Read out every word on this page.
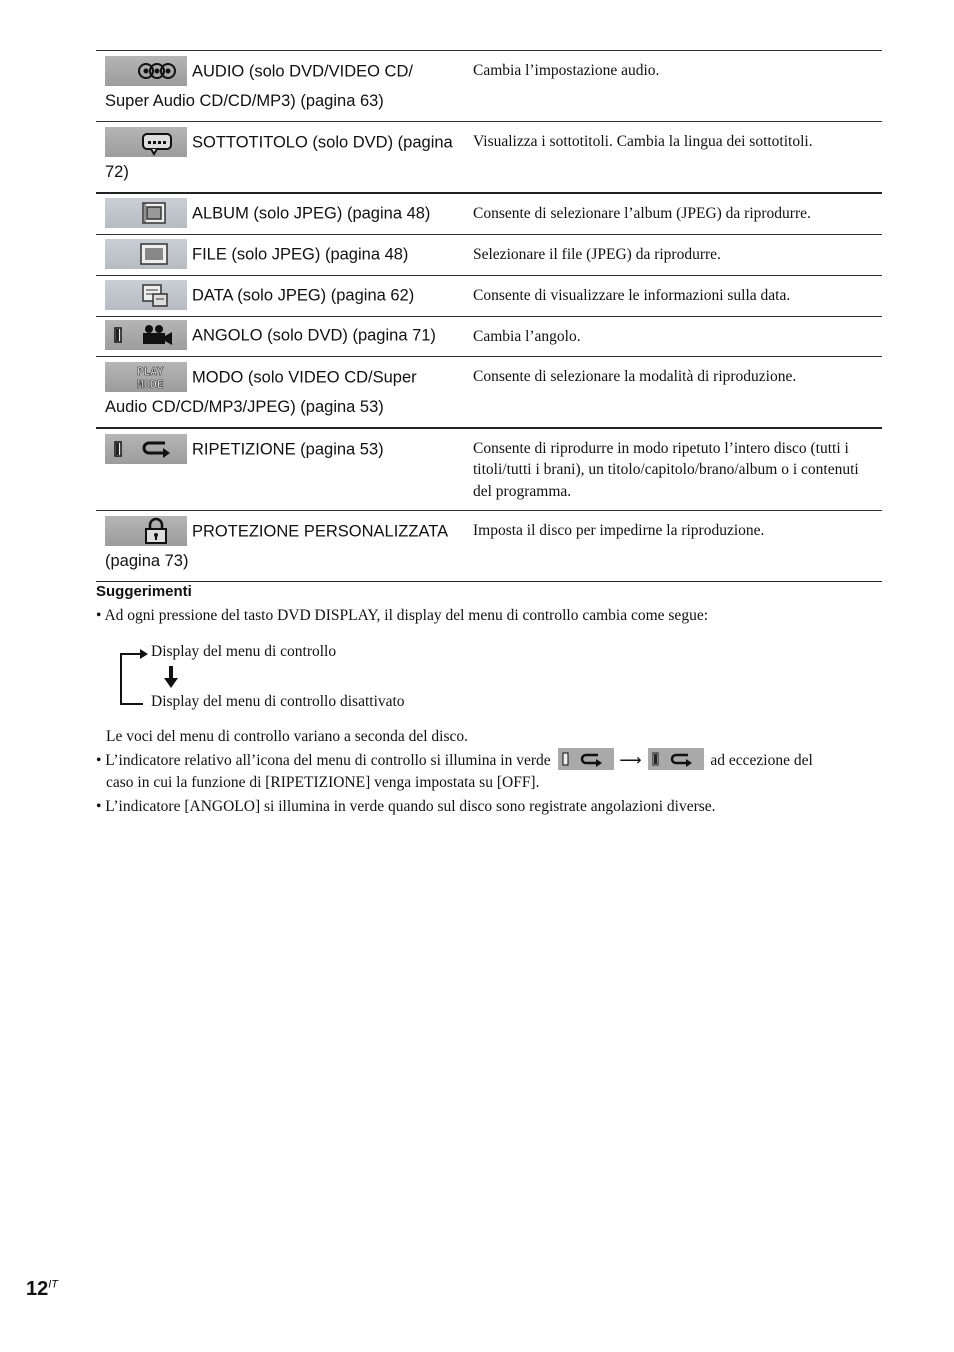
AUDIO (solo DVD/VIDEO CD/ Super Audio CD/CD/MP3) (pagina 63)	Cambia l’impostazione audio.

SOTTOTITOLO (solo DVD) (pagina 72)	Visualizza i sottotitoli. Cambia la lingua dei sottotitoli.

ALBUM (solo JPEG) (pagina 48)	Consente di selezionare l’album (JPEG) da riprodurre.

FILE (solo JPEG) (pagina 48)	Selezionare il file (JPEG) da riprodurre.

DATA (solo JPEG) (pagina 62)	Consente di visualizzare le informazioni sulla data.

ANGOLO (solo DVD) (pagina 71)	Cambia l’angolo.

PLAY
MODE MODO (solo VIDEO CD/Super Audio CD/CD/MP3/JPEG) (pagina 53)	Consente di selezionare la modalità di riproduzione.

RIPETIZIONE (pagina 53)	Consente di riprodurre in modo ripetuto l’intero disco (tutti i titoli/tutti i brani), un titolo/capitolo/brano/album o i contenuti del programma.

PROTEZIONE PERSONALIZZATA (pagina 73)	Imposta il disco per impedirne la riproduzione.
Suggerimenti
• Ad ogni pressione del tasto DVD DISPLAY, il display del menu di controllo cambia come segue:
Display del menu di controllo
Display del menu di controllo disattivato
Le voci del menu di controllo variano a seconda del disco.
• L’indicatore relativo all’icona del menu di controllo si illumina in verde	⟶	ad eccezione del
caso in cui la funzione di [RIPETIZIONE] venga impostata su [OFF].
• L’indicatore [ANGOLO] si illumina in verde quando sul disco sono registrate angolazioni diverse.
$12^{IT}$
